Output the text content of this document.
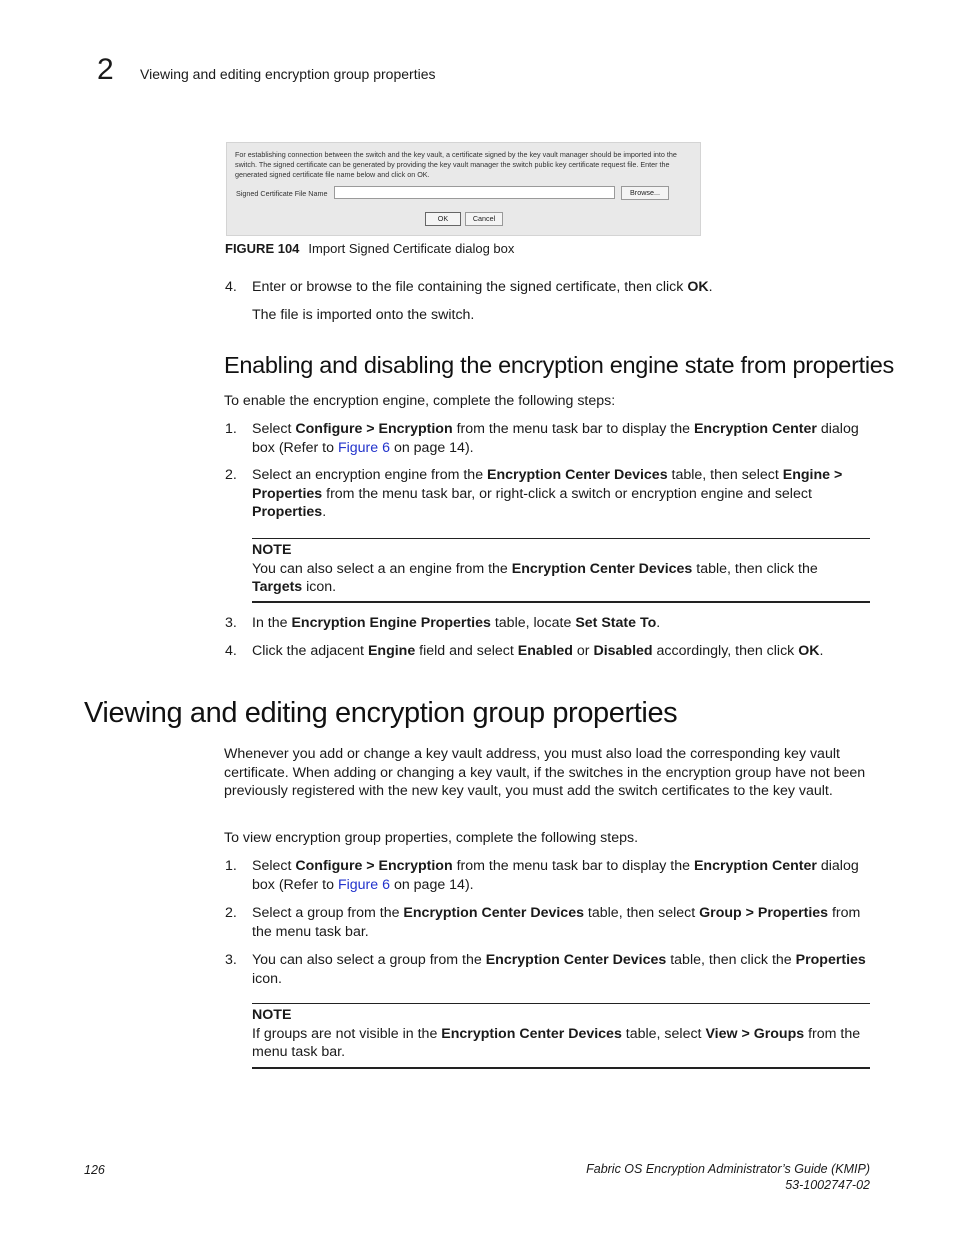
2 Viewing and editing encryption group properties
For establishing connection between the switch and the key vault, a certificate signed by the key vault manager should be imported into the switch. The signed certificate can be generated by providing the key vault manager the switch public key certificate request file. Enter the generated signed certificate file name below and click on OK.
Signed Certificate File Name	Browse...
OK	Cancel
FIGURE 104 Import Signed Certificate dialog box
4. Enter or browse to the file containing the signed certificate, then click OK.
The file is imported onto the switch.
Enabling and disabling the encryption engine state from properties
To enable the encryption engine, complete the following steps:
1. Select Configure > Encryption from the menu task bar to display the Encryption Center dialog box (Refer to Figure 6 on page 14).
2. Select an encryption engine from the Encryption Center Devices table, then select Engine > Properties from the menu task bar, or right-click a switch or encryption engine and select Properties.
NOTE
You can also select a an engine from the Encryption Center Devices table, then click the Targets icon.
3. In the Encryption Engine Properties table, locate Set State To.
4. Click the adjacent Engine field and select Enabled or Disabled accordingly, then click OK.
Viewing and editing encryption group properties
Whenever you add or change a key vault address, you must also load the corresponding key vault certificate. When adding or changing a key vault, if the switches in the encryption group have not been previously registered with the new key vault, you must add the switch certificates to the key vault.
To view encryption group properties, complete the following steps.
1. Select Configure > Encryption from the menu task bar to display the Encryption Center dialog box (Refer to Figure 6 on page 14).
2. Select a group from the Encryption Center Devices table, then select Group > Properties from the menu task bar.
3. You can also select a group from the Encryption Center Devices table, then click the Properties icon.
NOTE
If groups are not visible in the Encryption Center Devices table, select View > Groups from the menu task bar.
126	Fabric OS Encryption Administrator’s Guide (KMIP)
53-1002747-02
